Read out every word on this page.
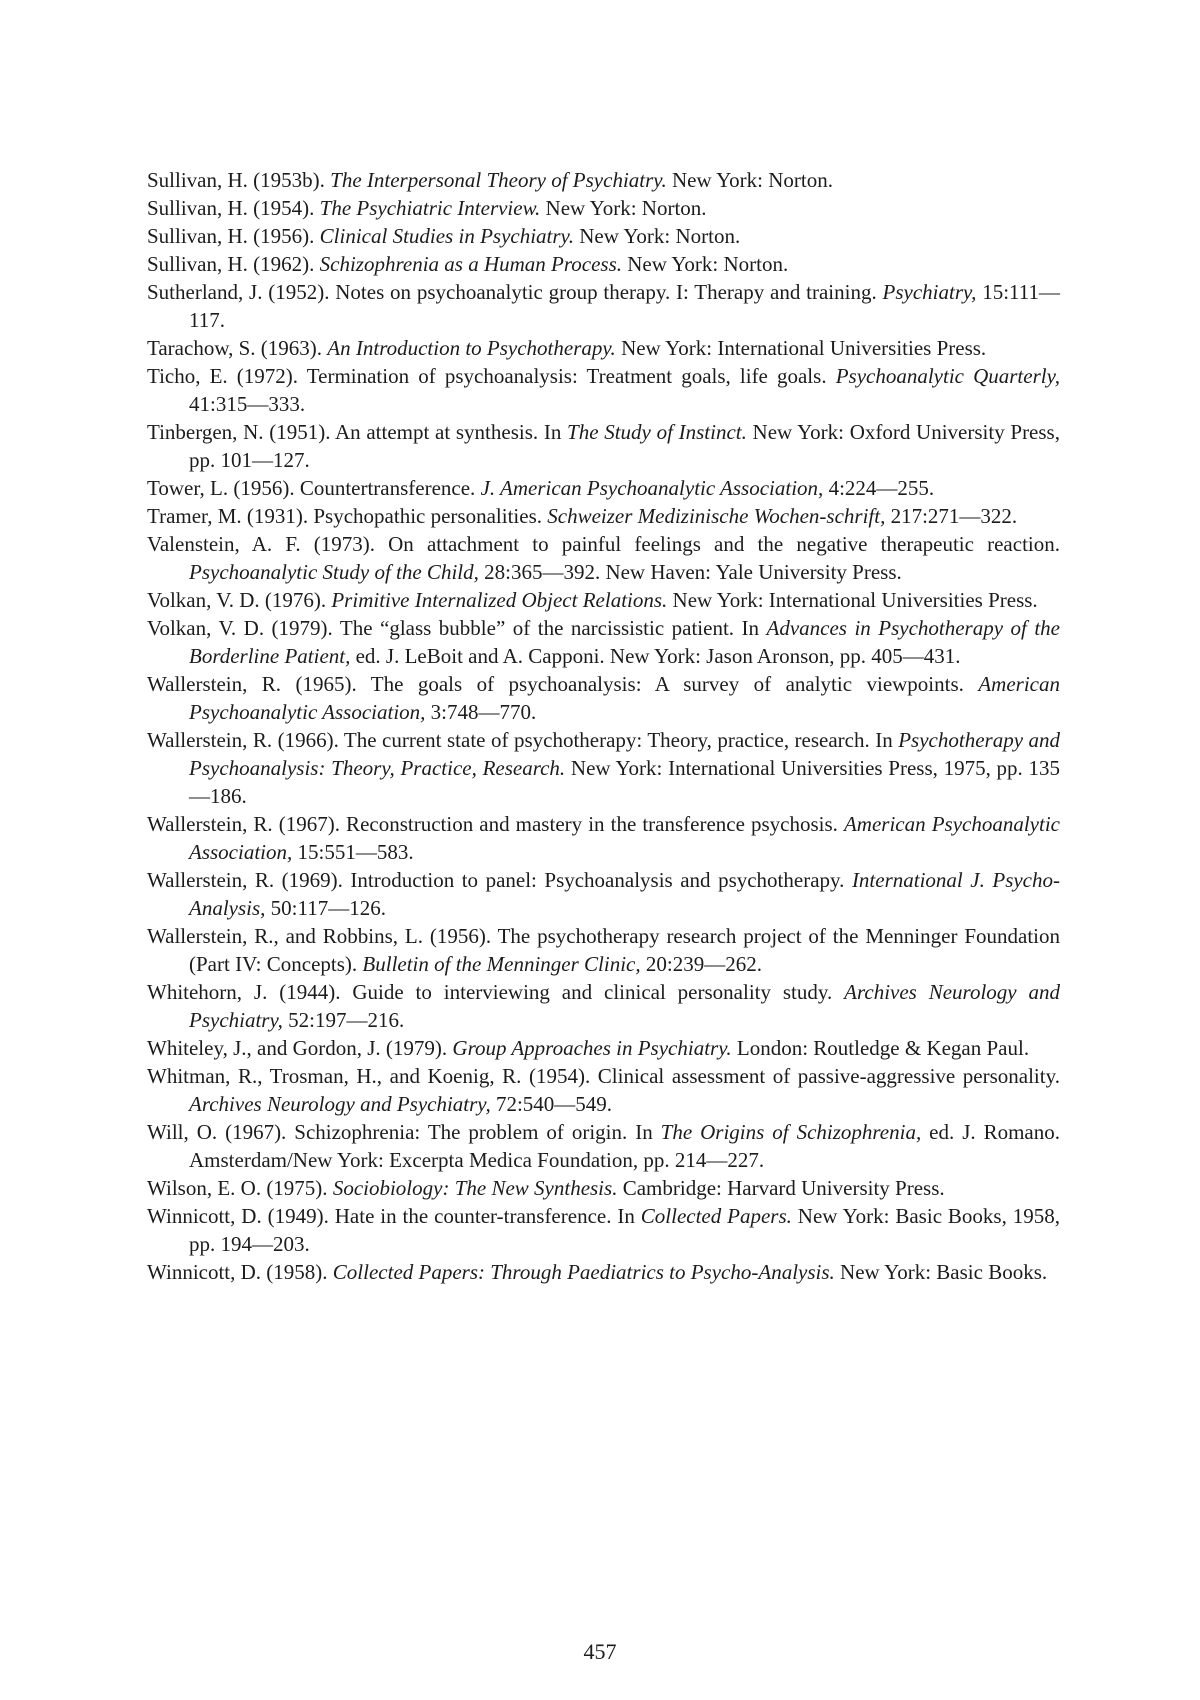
Sullivan, H. (1953b). The Interpersonal Theory of Psychiatry. New York: Norton.
Sullivan, H. (1954). The Psychiatric Interview. New York: Norton.
Sullivan, H. (1956). Clinical Studies in Psychiatry. New York: Norton.
Sullivan, H. (1962). Schizophrenia as a Human Process. New York: Norton.
Sutherland, J. (1952). Notes on psychoanalytic group therapy. I: Therapy and training. Psychiatry, 15:111—117.
Tarachow, S. (1963). An Introduction to Psychotherapy. New York: International Universities Press.
Ticho, E. (1972). Termination of psychoanalysis: Treatment goals, life goals. Psychoanalytic Quarterly, 41:315—333.
Tinbergen, N. (1951). An attempt at synthesis. In The Study of Instinct. New York: Oxford University Press, pp. 101—127.
Tower, L. (1956). Countertransference. J. American Psychoanalytic Association, 4:224—255.
Tramer, M. (1931). Psychopathic personalities. Schweizer Medizinische Wochen-schrift, 217:271—322.
Valenstein, A. F. (1973). On attachment to painful feelings and the negative therapeutic reaction. Psychoanalytic Study of the Child, 28:365—392. New Haven: Yale University Press.
Volkan, V. D. (1976). Primitive Internalized Object Relations. New York: International Universities Press.
Volkan, V. D. (1979). The “glass bubble” of the narcissistic patient. In Advances in Psychotherapy of the Borderline Patient, ed. J. LeBoit and A. Capponi. New York: Jason Aronson, pp. 405—431.
Wallerstein, R. (1965). The goals of psychoanalysis: A survey of analytic viewpoints. American Psychoanalytic Association, 3:748—770.
Wallerstein, R. (1966). The current state of psychotherapy: Theory, practice, research. In Psychotherapy and Psychoanalysis: Theory, Practice, Research. New York: International Universities Press, 1975, pp. 135—186.
Wallerstein, R. (1967). Reconstruction and mastery in the transference psychosis. American Psychoanalytic Association, 15:551—583.
Wallerstein, R. (1969). Introduction to panel: Psychoanalysis and psychotherapy. International J. Psycho-Analysis, 50:117—126.
Wallerstein, R., and Robbins, L. (1956). The psychotherapy research project of the Menninger Foundation (Part IV: Concepts). Bulletin of the Menninger Clinic, 20:239—262.
Whitehorn, J. (1944). Guide to interviewing and clinical personality study. Archives Neurology and Psychiatry, 52:197—216.
Whiteley, J., and Gordon, J. (1979). Group Approaches in Psychiatry. London: Routledge & Kegan Paul.
Whitman, R., Trosman, H., and Koenig, R. (1954). Clinical assessment of passive-aggressive personality. Archives Neurology and Psychiatry, 72:540—549.
Will, O. (1967). Schizophrenia: The problem of origin. In The Origins of Schizophrenia, ed. J. Romano. Amsterdam/New York: Excerpta Medica Foundation, pp. 214—227.
Wilson, E. O. (1975). Sociobiology: The New Synthesis. Cambridge: Harvard University Press.
Winnicott, D. (1949). Hate in the counter-transference. In Collected Papers. New York: Basic Books, 1958, pp. 194—203.
Winnicott, D. (1958). Collected Papers: Through Paediatrics to Psycho-Analysis. New York: Basic Books.
457
